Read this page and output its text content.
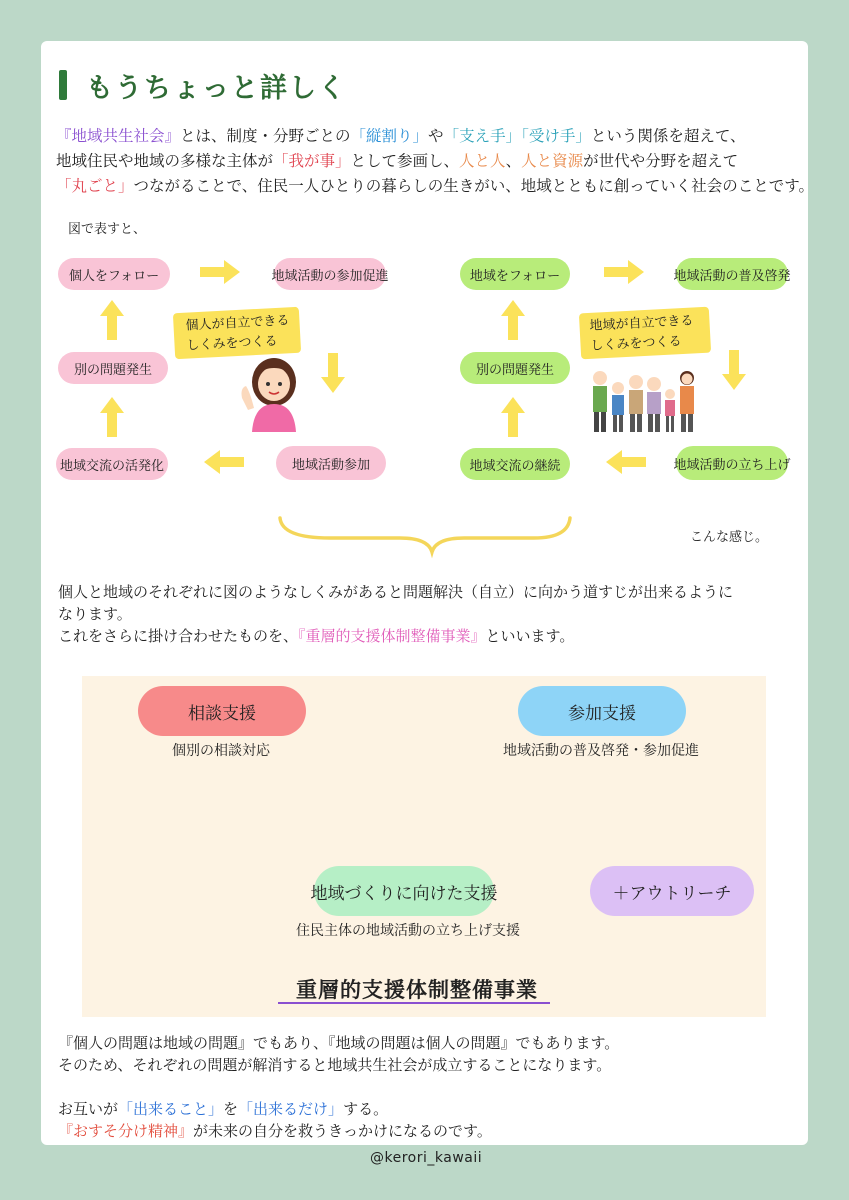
もうちょっと詳しく
『地域共生社会』とは、制度・分野ごとの「縦割り」や「支え手」「受け手」という関係を超えて、
地域住民や地域の多様な主体が「我が事」として参画し、人と人、人と資源が世代や分野を超えて
「丸ごと」つながることで、住民一人ひとりの暮らしの生きがい、地域とともに創っていく社会のことです。
図で表すと、
個人をフォロー	地域活動の参加促進
別の問題発生
地域活動参加
地域交流の活発化
個人が自立できる
しくみをつくる
地域をフォロー	地域活動の普及啓発
別の問題発生
地域活動の立ち上げ
地域交流の継続
地域が自立できる
しくみをつくる
こんな感じ。
個人と地域のそれぞれに図のようなしくみがあると問題解決（自立）に向かう道すじが出来るように
なります。
これをさらに掛け合わせたものを、『重層的支援体制整備事業』といいます。
相談支援
個別の相談対応
参加支援
地域活動の普及啓発・参加促進
地域づくりに向けた支援
住民主体の地域活動の立ち上げ支援
＋アウトリーチ
重層的支援体制整備事業
『個人の問題は地域の問題』でもあり、『地域の問題は個人の問題』でもあります。
そのため、それぞれの問題が解消すると地域共生社会が成立することになります。
お互いが「出来ること」を「出来るだけ」する。
『おすそ分け精神』が未来の自分を救うきっかけになるのです。
@kerori_kawaii
